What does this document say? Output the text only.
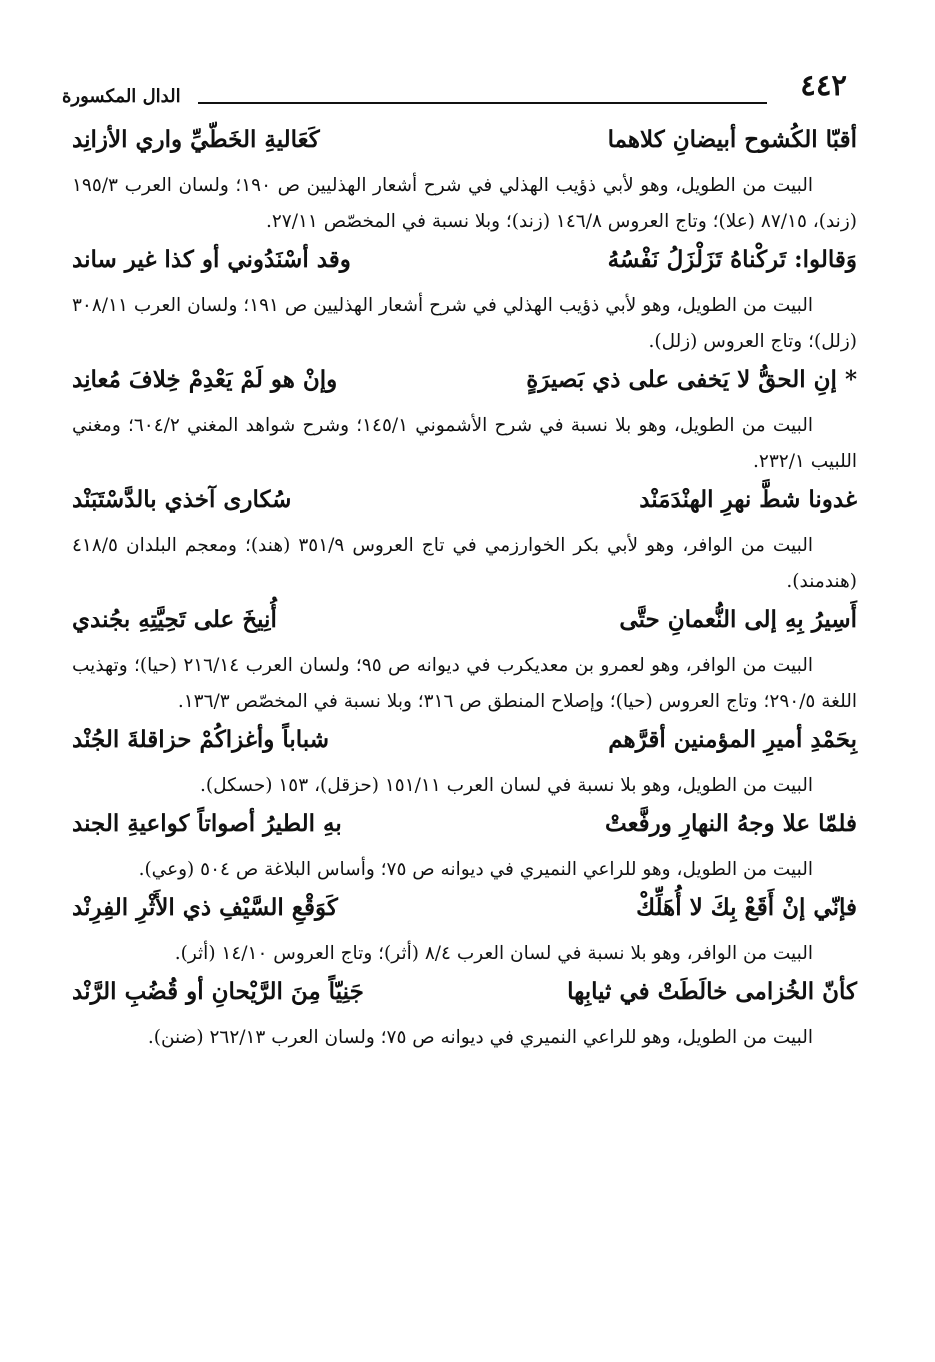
٤٤٢
الدال المكسورة
أقبّا الكُشوح أبيضانِ كلاهما
كَعَاليةِ الخَطّيِّ واري الأزانِد
البيت من الطويل، وهو لأبي ذؤيب الهذلي في شرح أشعار الهذليين ص ١٩٠؛ ولسان العرب ١٩٥/٣ (زند)، ٨٧/١٥ (علا)؛ وتاج العروس ١٤٦/٨ (زند)؛ وبلا نسبة في المخصّص ٢٧/١١.
وَقالوا: تَركْناهُ تَزَلْزَلُ نَفْسُهُ
وقد أسْنَدُوني أو كذا غير ساند
البيت من الطويل، وهو لأبي ذؤيب الهذلي في شرح أشعار الهذليين ص ١٩١؛ ولسان العرب ٣٠٨/١١ (زلل)؛ وتاج العروس (زلل).
* إنِ الحقُّ لا يَخفى على ذي بَصيرَةٍ
وإنْ هو لَمْ يَعْدِمْ خِلافَ مُعانِد
البيت من الطويل، وهو بلا نسبة في شرح الأشموني ١٤٥/١؛ وشرح شواهد المغني ٦٠٤/٢؛ ومغني اللبيب ٢٣٢/١.
غدونا شطَّ نهرِ الهنْدَمَنْد
سُكارى آخذي بالدَّسْتَبَنْد
البيت من الوافر، وهو لأبي بكر الخوارزمي في تاج العروس ٣٥١/٩ (هند)؛ ومعجم البلدان ٤١٨/٥ (هندمند).
أَسِيرُ بِهِ إلى النُّعمانِ حتَّى
أُنِيخَ على تَحِيَّتِهِ بجُندي
البيت من الوافر، وهو لعمرو بن معديكرب في ديوانه ص ٩٥؛ ولسان العرب ٢١٦/١٤ (حيا)؛ وتهذيب اللغة ٢٩٠/٥؛ وتاج العروس (حيا)؛ وإصلاح المنطق ص ٣١٦؛ وبلا نسبة في المخصّص ١٣٦/٣.
بِحَمْدِ أميرِ المؤمنين أقرَّهم
شباباً وأغزاكُمْ حزاقلةَ الجُنْد
البيت من الطويل، وهو بلا نسبة في لسان العرب ١٥١/١١ (حزقل)، ١٥٣ (حسكل).
فلمّا علا وجهُ النهارِ ورفَّعتْ
بهِ الطيرُ أصواتاً كواعيةِ الجند
البيت من الطويل، وهو للراعي النميري في ديوانه ص ٧٥؛ وأساس البلاغة ص ٥٠٤ (وعي).
فإنّي إنْ أَقَعْ بِكَ لا أُهَلِّكْ
كَوَقْعِ السَّيْفِ ذي الأَثْرِ الفِرِنْد
البيت من الوافر، وهو بلا نسبة في لسان العرب ٨/٤ (أثر)؛ وتاج العروس ١٤/١٠ (أثر).
كأنّ الخُزامى خالَطَتْ في ثيابِها
جَنِيّاً مِنَ الرَّيْحانِ أو قُضُبِ الرَّنْد
البيت من الطويل، وهو للراعي النميري في ديوانه ص ٧٥؛ ولسان العرب ٢٦٢/١٣ (ضنن).
